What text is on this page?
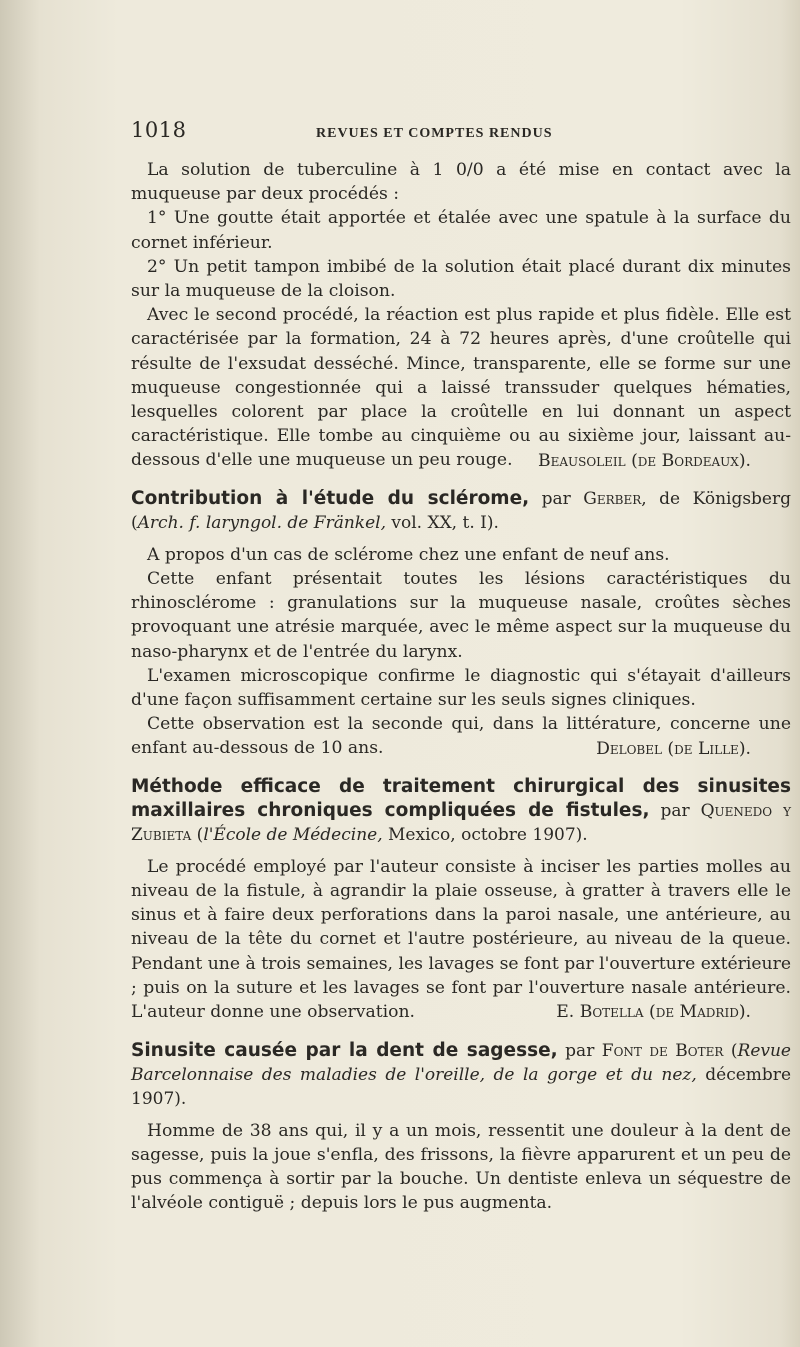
1018	REVUES ET COMPTES RENDUS

La solution de tuberculine à 1 0/0 a été mise en contact avec la muqueuse par deux procédés :

1° Une goutte était apportée et étalée avec une spatule à la surface du cornet inférieur.

2° Un petit tampon imbibé de la solution était placé durant dix minutes sur la muqueuse de la cloison.

Avec le second procédé, la réaction est plus rapide et plus fidèle. Elle est caractérisée par la formation, 24 à 72 heures après, d'une croûtelle qui résulte de l'exsudat desséché. Mince, transparente, elle se forme sur une muqueuse congestionnée qui a laissé transsuder quelques hématies, lesquelles colorent par place la croûtelle en lui donnant un aspect caractéristique. Elle tombe au cinquième ou au sixième jour, laissant au-dessous d'elle une muqueuse un peu rouge.	Beausoleil (de Bordeaux).

Contribution à l'étude du sclérome, par Gerber, de Königsberg (Arch. f. laryngol. de Fränkel, vol. XX, t. I).

A propos d'un cas de sclérome chez une enfant de neuf ans.

Cette enfant présentait toutes les lésions caractéristiques du rhinosclérome : granulations sur la muqueuse nasale, croûtes sèches provoquant une atrésie marquée, avec le même aspect sur la muqueuse du naso-pharynx et de l'entrée du larynx.

L'examen microscopique confirme le diagnostic qui s'étayait d'ailleurs d'une façon suffisamment certaine sur les seuls signes cliniques.

Cette observation est la seconde qui, dans la littérature, concerne une enfant au-dessous de 10 ans.	Delobel (de Lille).

Méthode efficace de traitement chirurgical des sinusites maxillaires chroniques compliquées de fistules, par Quenedo y Zubieta (l'École de Médecine, Mexico, octobre 1907).

Le procédé employé par l'auteur consiste à inciser les parties molles au niveau de la fistule, à agrandir la plaie osseuse, à gratter à travers elle le sinus et à faire deux perforations dans la paroi nasale, une antérieure, au niveau de la tête du cornet et l'autre postérieure, au niveau de la queue. Pendant une à trois semaines, les lavages se font par l'ouverture extérieure ; puis on la suture et les lavages se font par l'ouverture nasale antérieure. L'auteur donne une observation.	E. Botella (de Madrid).

Sinusite causée par la dent de sagesse, par Font de Boter (Revue Barcelonnaise des maladies de l'oreille, de la gorge et du nez, décembre 1907).

Homme de 38 ans qui, il y a un mois, ressentit une douleur à la dent de sagesse, puis la joue s'enfla, des frissons, la fièvre apparurent et un peu de pus commença à sortir par la bouche. Un dentiste enleva un séquestre de l'alvéole contiguë ; depuis lors le pus augmenta.
